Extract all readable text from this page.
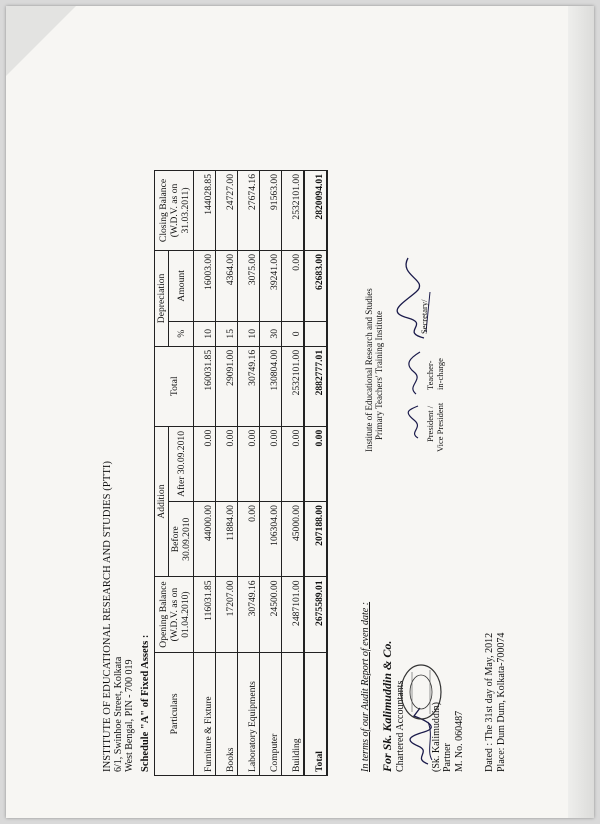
INSTITUTE OF EDUCATIONAL RESEARCH AND STUDIES (PTTI) 6/1, Swinhoe Street, Kolkata West Bengal, PIN - 700 019 Schedule "A" of Fixed Assets : Particulars	Opening Balance (W.D.V. as on 01.04.2010)	Addition		Total	Depreciation		Closing Balance (W.D.V. as on 31.03.2011)
		Before 30.09.2010	After 30.09.2010		%	Amount	
Furniture & Fixture	116031.85	44000.00	0.00	160031.85	10	16003.00	144028.85
Books	17207.00	11884.00	0.00	29091.00	15	4364.00	24727.00
Laboratory Equipments	30749.16	0.00	0.00	30749.16	10	3075.00	27674.16
Computer	24500.00	106304.00	0.00	130804.00	30	39241.00	91563.00
Building	2487101.00	45000.00	0.00	2532101.00	0	0.00	2532101.00
Total	2675589.01	207188.00	0.00	2882777.01		62683.00	2820094.01
In terms of our Audit Report of even date : For Sk. Kalimuddin & Co. Chartered Accountants (Sk. Kalimuddin) Partner M. No. 060487 Dated : The 31st day of May, 2012 Place: Dum Dum, Kolkata-700074
Institute of Educational Research and Studies Primary Teachers' Training Institute	President / Vice President
Teacher- in-charge
Secretary/
